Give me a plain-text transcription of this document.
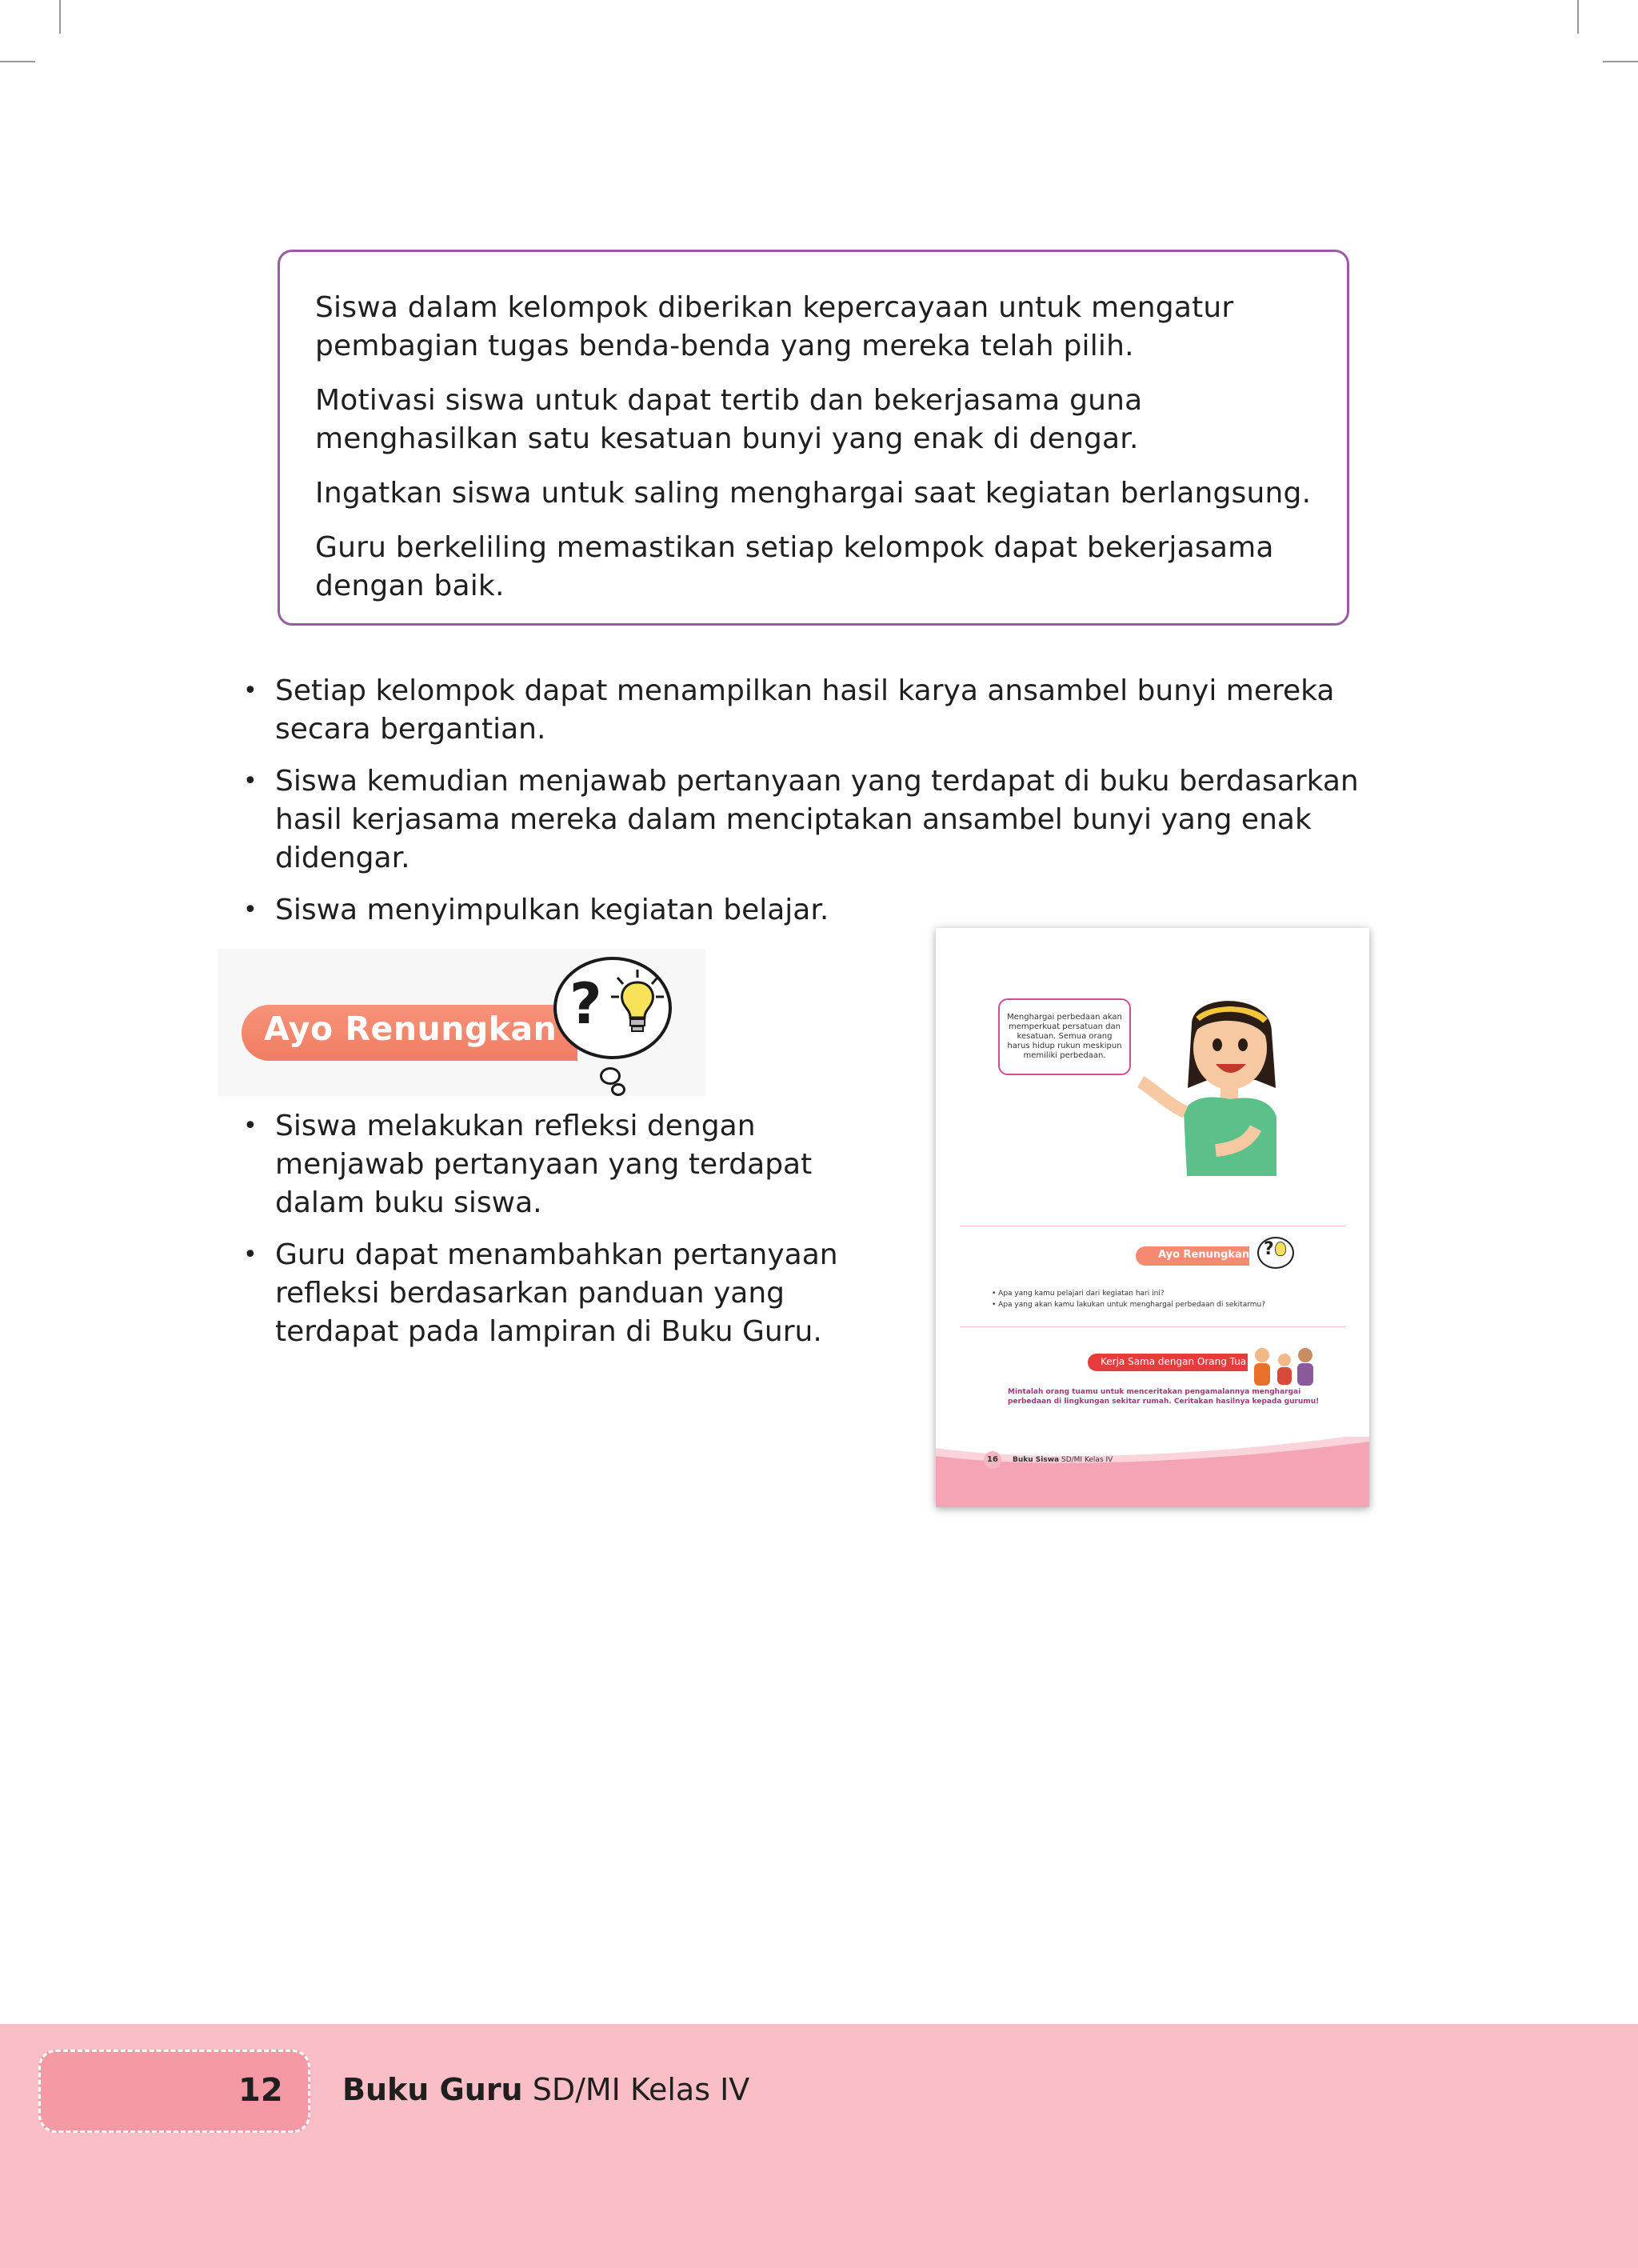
Siswa dalam kelompok diberikan kepercayaan untuk mengatur pembagian tugas benda-benda yang mereka telah pilih.

Motivasi siswa untuk dapat tertib dan bekerjasama guna menghasilkan satu kesatuan bunyi yang enak di dengar.

Ingatkan siswa untuk saling menghargai saat kegiatan berlangsung.

Guru berkeliling memastikan setiap kelompok dapat bekerjasama dengan baik.

• Setiap kelompok dapat menampilkan hasil karya ansambel bunyi mereka secara bergantian.
• Siswa kemudian menjawab pertanyaan yang terdapat di buku berdasarkan hasil kerjasama mereka dalam menciptakan ansambel bunyi yang enak didengar.
• Siswa menyimpulkan kegiatan belajar.
Ayo Renungkan ?
• Siswa melakukan refleksi dengan menjawab pertanyaan yang terdapat dalam buku siswa.
• Guru dapat menambahkan pertanyaan refleksi berdasarkan panduan yang terdapat pada lampiran di Buku Guru.
Menghargai perbedaan akan memperkuat persatuan dan kesatuan. Semua orang harus hidup rukun meskipun memiliki perbedaan.
Ayo Renungkan ?
• Apa yang kamu pelajari dari kegiatan hari ini?
• Apa yang akan kamu lakukan untuk menghargai perbedaan di sekitarmu?
Kerja Sama dengan Orang Tua
Mintalah orang tuamu untuk menceritakan pengamalannya menghargai perbedaan di lingkungan sekitar rumah. Ceritakan hasilnya kepada gurumu!
16	Buku Siswa SD/MI Kelas IV
12 Buku Guru SD/MI Kelas IV
